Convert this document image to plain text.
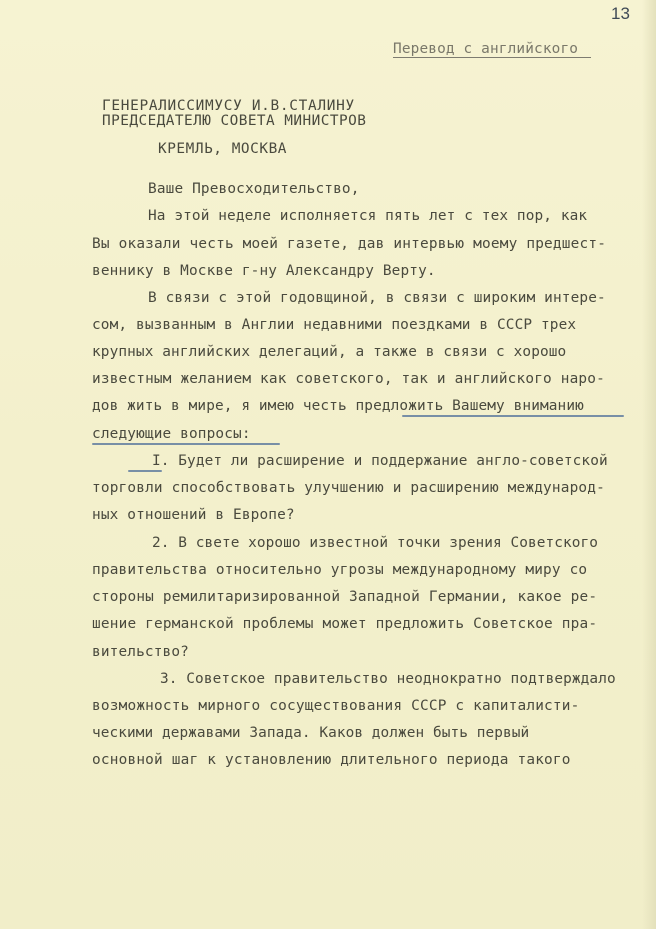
13
Перевод с английского
ГЕНЕРАЛИССИМУСУ И.В.СТАЛИНУ
ПРЕДСЕДАТЕЛЮ СОВЕТА МИНИСТРОВ
КРЕМЛЬ, МОСКВА
Ваше Превосходительство,
На этой неделе исполняется пять лет с тех пор, как
Вы оказали честь моей газете, дав интервью моему предшест-
веннику в Москве г-ну Александру Верту.
В связи с этой годовщиной, в связи с широким интере-
сом, вызванным в Англии недавними поездками в СССР трех
крупных английских делегаций, а также в связи с хорошо
известным желанием как советского, так и английского наро-
дов жить в мире, я имею честь предложить Вашему вниманию
следующие вопросы:
I. Будет ли расширение и поддержание англо-советской
торговли способствовать улучшению и расширению международ-
ных отношений в Европе?
2. В свете хорошо известной точки зрения Советского
правительства относительно угрозы международному миру со
стороны ремилитаризированной Западной Германии, какое ре-
шение германской проблемы может предложить Советское пра-
вительство?
3. Советское правительство неоднократно подтверждало
возможность мирного сосуществования СССР с капиталисти-
ческими державами Запада. Каков должен быть первый
основной шаг к установлению длительного периода такого
